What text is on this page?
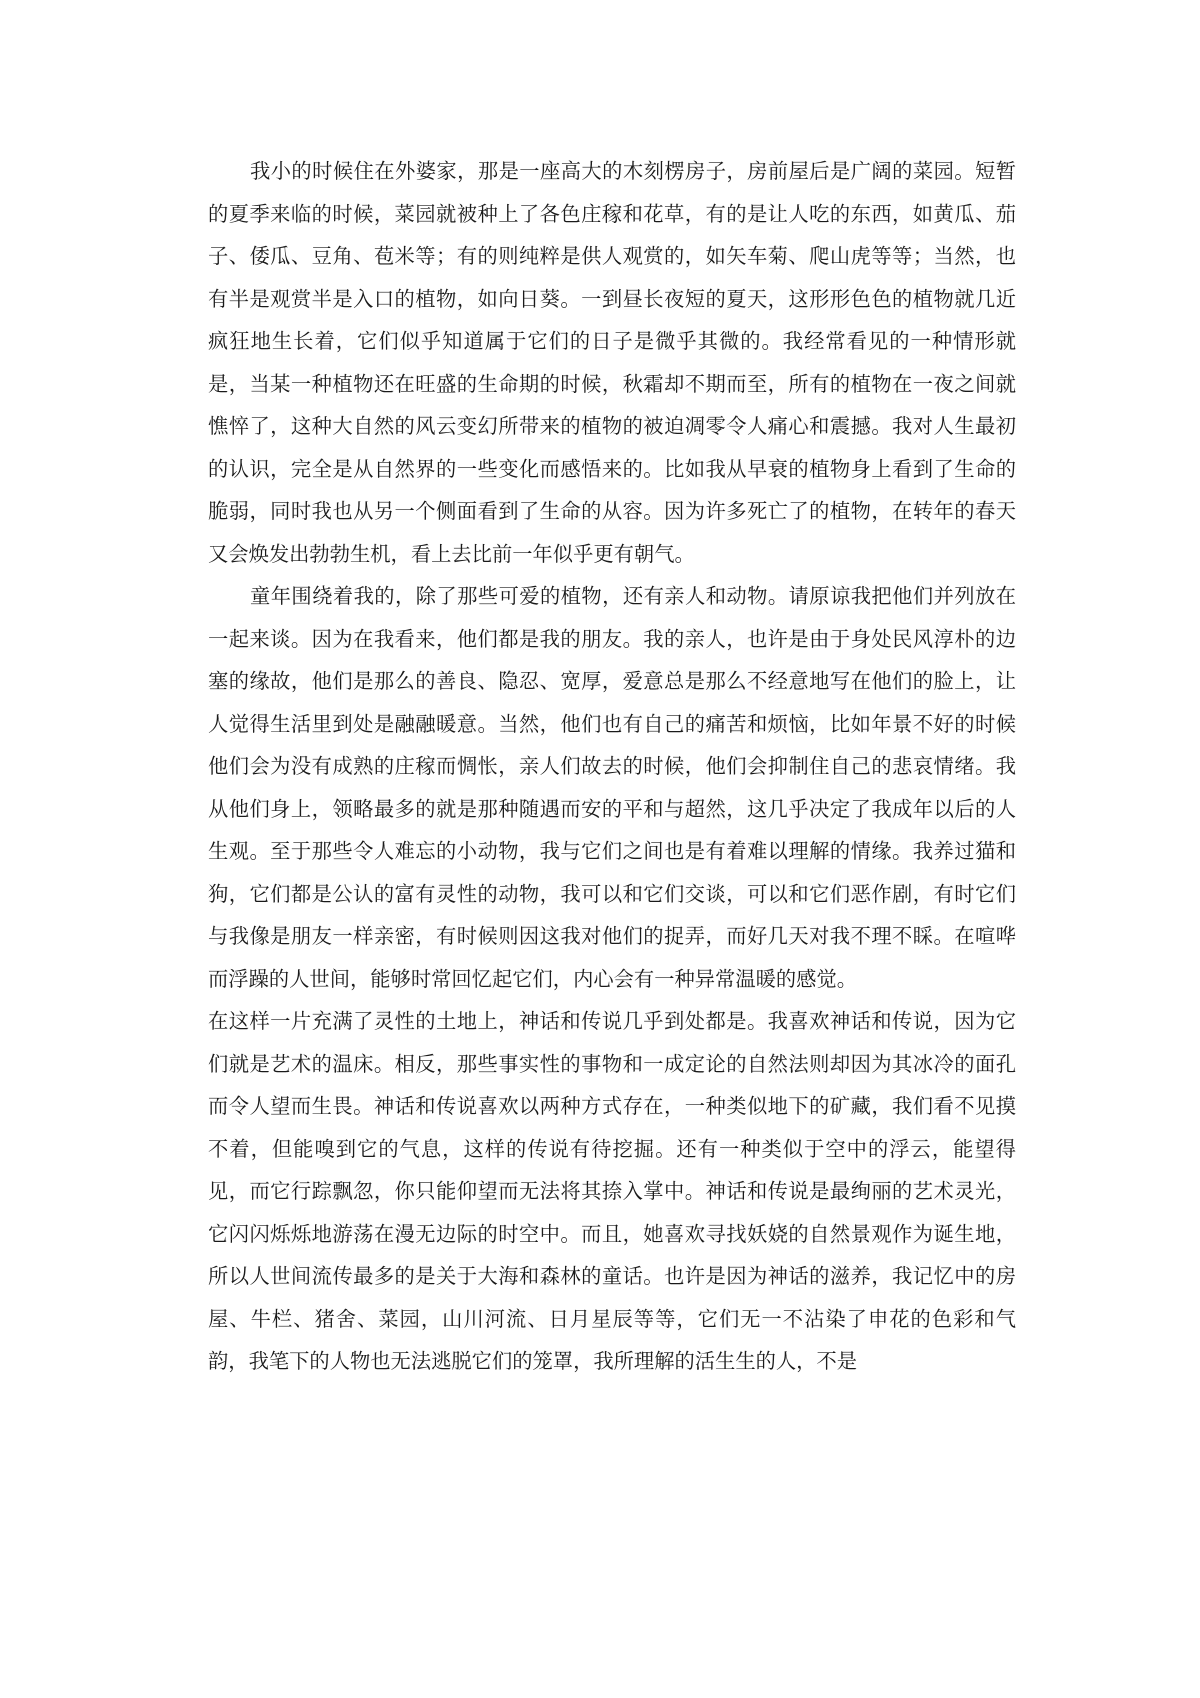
我小的时候住在外婆家，那是一座高大的木刻楞房子，房前屋后是广阔的菜园。短暂的夏季来临的时候，菜园就被种上了各色庄稼和花草，有的是让人吃的东西，如黄瓜、茄子、倭瓜、豆角、苞米等；有的则纯粹是供人观赏的，如矢车菊、爬山虎等等；当然，也有半是观赏半是入口的植物，如向日葵。一到昼长夜短的夏天，这形形色色的植物就几近疯狂地生长着，它们似乎知道属于它们的日子是微乎其微的。我经常看见的一种情形就是，当某一种植物还在旺盛的生命期的时候，秋霜却不期而至，所有的植物在一夜之间就憔悴了，这种大自然的风云变幻所带来的植物的被迫凋零令人痛心和震撼。我对人生最初的认识，完全是从自然界的一些变化而感悟来的。比如我从早衰的植物身上看到了生命的脆弱，同时我也从另一个侧面看到了生命的从容。因为许多死亡了的植物，在转年的春天又会焕发出勃勃生机，看上去比前一年似乎更有朝气。

童年围绕着我的，除了那些可爱的植物，还有亲人和动物。请原谅我把他们并列放在一起来谈。因为在我看来，他们都是我的朋友。我的亲人，也许是由于身处民风淳朴的边塞的缘故，他们是那么的善良、隐忍、宽厚，爱意总是那么不经意地写在他们的脸上，让人觉得生活里到处是融融暖意。当然，他们也有自己的痛苦和烦恼，比如年景不好的时候他们会为没有成熟的庄稼而惆怅，亲人们故去的时候，他们会抑制住自己的悲哀情绪。我从他们身上，领略最多的就是那种随遇而安的平和与超然，这几乎决定了我成年以后的人生观。至于那些令人难忘的小动物，我与它们之间也是有着难以理解的情缘。我养过猫和狗，它们都是公认的富有灵性的动物，我可以和它们交谈，可以和它们恶作剧，有时它们与我像是朋友一样亲密，有时候则因这我对他们的捉弄，而好几天对我不理不睬。在喧哗而浮躁的人世间，能够时常回忆起它们，内心会有一种异常温暖的感觉。

在这样一片充满了灵性的土地上，神话和传说几乎到处都是。我喜欢神话和传说，因为它们就是艺术的温床。相反，那些事实性的事物和一成定论的自然法则却因为其冰冷的面孔而令人望而生畏。神话和传说喜欢以两种方式存在，一种类似地下的矿藏，我们看不见摸不着，但能嗅到它的气息，这样的传说有待挖掘。还有一种类似于空中的浮云，能望得见，而它行踪飘忽，你只能仰望而无法将其捺入掌中。神话和传说是最绚丽的艺术灵光，它闪闪烁烁地游荡在漫无边际的时空中。而且，她喜欢寻找妖娆的自然景观作为诞生地，所以人世间流传最多的是关于大海和森林的童话。也许是因为神话的滋养，我记忆中的房屋、牛栏、猪舍、菜园，山川河流、日月星辰等等，它们无一不沾染了申花的色彩和气韵，我笔下的人物也无法逃脱它们的笼罩，我所理解的活生生的人，不是
